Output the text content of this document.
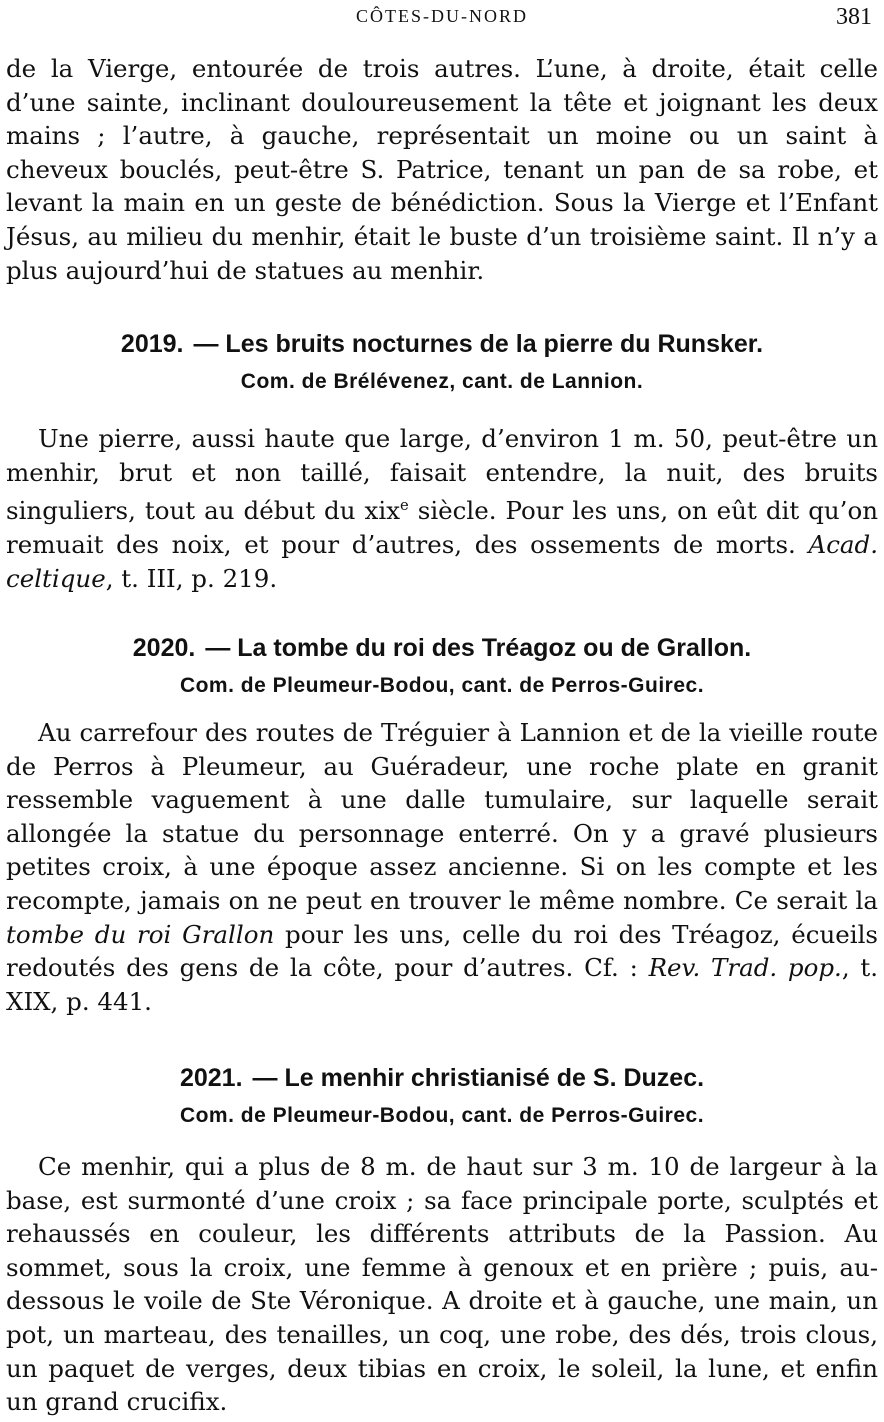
CÔTES-DU-NORD	381

de la Vierge, entourée de trois autres. L’une, à droite, était celle d’une sainte, inclinant douloureusement la tête et joignant les deux mains ; l’autre, à gauche, représentait un moine ou un saint à cheveux bouclés, peut-être S. Patrice, tenant un pan de sa robe, et levant la main en un geste de bénédiction. Sous la Vierge et l’Enfant Jésus, au milieu du menhir, était le buste d’un troisième saint. Il n’y a plus aujourd’hui de statues au menhir.

2019. — Les bruits nocturnes de la pierre du Runsker.
Com. de Brélévenez, cant. de Lannion.

Une pierre, aussi haute que large, d’environ 1 m. 50, peut-être un menhir, brut et non taillé, faisait entendre, la nuit, des bruits singuliers, tout au début du xix$^e$ siècle. Pour les uns, on eût dit qu’on remuait des noix, et pour d’autres, des ossements de morts. Acad. celtique, t. III, p. 219.

2020. — La tombe du roi des Tréagoz ou de Grallon.
Com. de Pleumeur-Bodou, cant. de Perros-Guirec.

Au carrefour des routes de Tréguier à Lannion et de la vieille route de Perros à Pleumeur, au Guéradeur, une roche plate en granit ressemble vaguement à une dalle tumulaire, sur laquelle serait allongée la statue du personnage enterré. On y a gravé plusieurs petites croix, à une époque assez ancienne. Si on les compte et les recompte, jamais on ne peut en trouver le même nombre. Ce serait la tombe du roi Grallon pour les uns, celle du roi des Tréagoz, écueils redoutés des gens de la côte, pour d’autres. Cf. : Rev. Trad. pop., t. XIX, p. 441.

2021. — Le menhir christianisé de S. Duzec.
Com. de Pleumeur-Bodou, cant. de Perros-Guirec.

Ce menhir, qui a plus de 8 m. de haut sur 3 m. 10 de largeur à la base, est surmonté d’une croix ; sa face principale porte, sculptés et rehaussés en couleur, les différents attributs de la Passion. Au sommet, sous la croix, une femme à genoux et en prière ; puis, au-dessous le voile de Ste Véronique. A droite et à gauche, une main, un pot, un marteau, des tenailles, un coq, une robe, des dés, trois clous, un paquet de verges, deux tibias en croix, le soleil, la lune, et enfin un grand crucifix.
